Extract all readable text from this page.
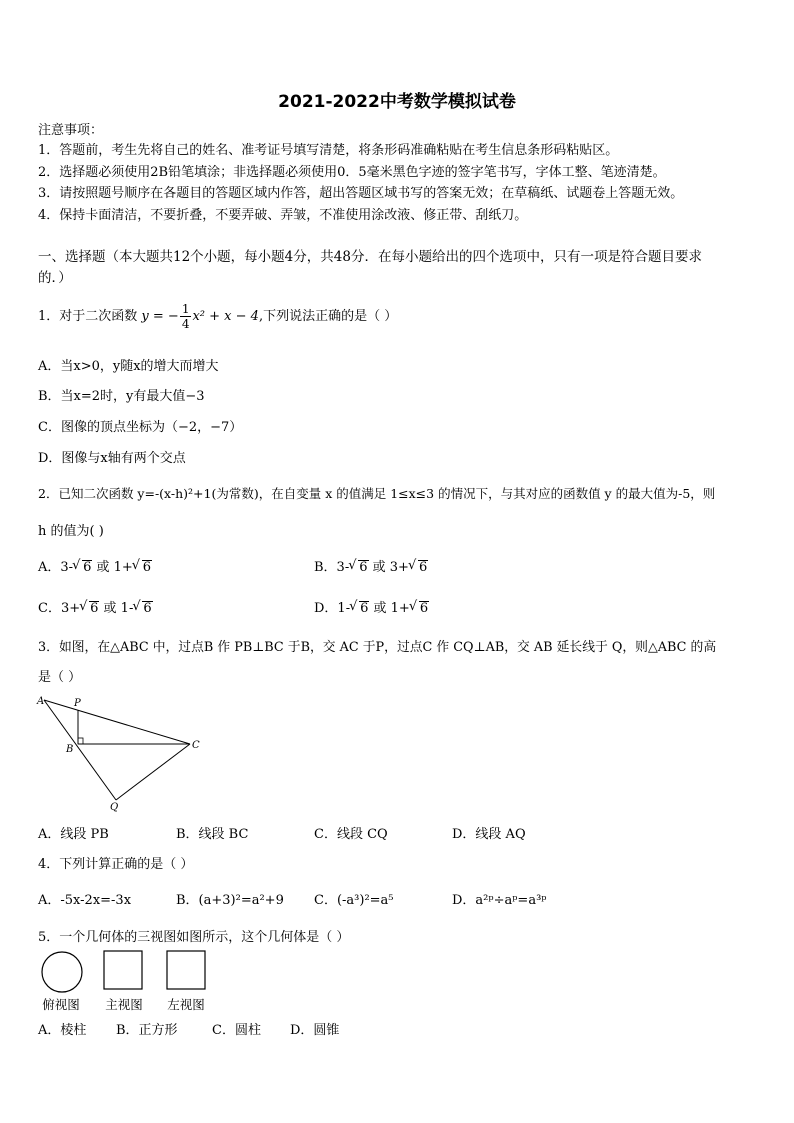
2021-2022中考数学模拟试卷
注意事项：
1．答题前，考生先将自己的姓名、准考证号填写清楚，将条形码准确粘贴在考生信息条形码粘贴区。
2．选择题必须使用2B铅笔填涂；非选择题必须使用0．5毫米黑色字迹的签字笔书写，字体工整、笔迹清楚。
3．请按照题号顺序在各题目的答题区域内作答，超出答题区域书写的答案无效；在草稿纸、试题卷上答题无效。
4．保持卡面清洁，不要折叠，不要弄破、弄皱，不准使用涂改液、修正带、刮纸刀。
一、选择题（本大题共12个小题，每小题4分，共48分．在每小题给出的四个选项中，只有一项是符合题目要求
的．）
1．对于二次函数 y = − $\frac{1}{4} x^2 + x - 4$,下列说法正确的是（ ）
A．当x>0，y随x的增大而增大
B．当x=2时，y有最大值−3
C．图像的顶点坐标为（−2，−7）
D．图像与x轴有两个交点
2．已知二次函数 y=-(x-h)²+1(为常数)，在自变量 x 的值满足 1≤x≤3 的情况下，与其对应的函数值 y 的最大值为-5，则
h 的值为( )
A．3- √ 6 或 1+ √ 6	B．3- √ 6 或 3+ √ 6
C．3+ √ 6 或 1- √ 6	D．1- √ 6 或 1+ √ 6
3．如图，在△ABC 中，过点B 作 PB⊥BC 于B，交 AC 于P，过点C 作 CQ⊥AB，交 AB 延长线于 Q，则△ABC 的高
是（ ）
A	P
B	C
Q
A．线段 PB	B．线段 BC	C．线段 CQ	D．线段 AQ
4．下列计算正确的是（ ）
A．-5x-2x=-3x	B．(a+3)²=a²+9 C．(-a³)²=a⁵	D．a²ᵖ÷aᵖ=a³ᵖ
5．一个几何体的三视图如图所示，这个几何体是（ ）
俯视图	主视图	左视图
A．棱柱 B．正方形	C．圆柱 D．圆锥
